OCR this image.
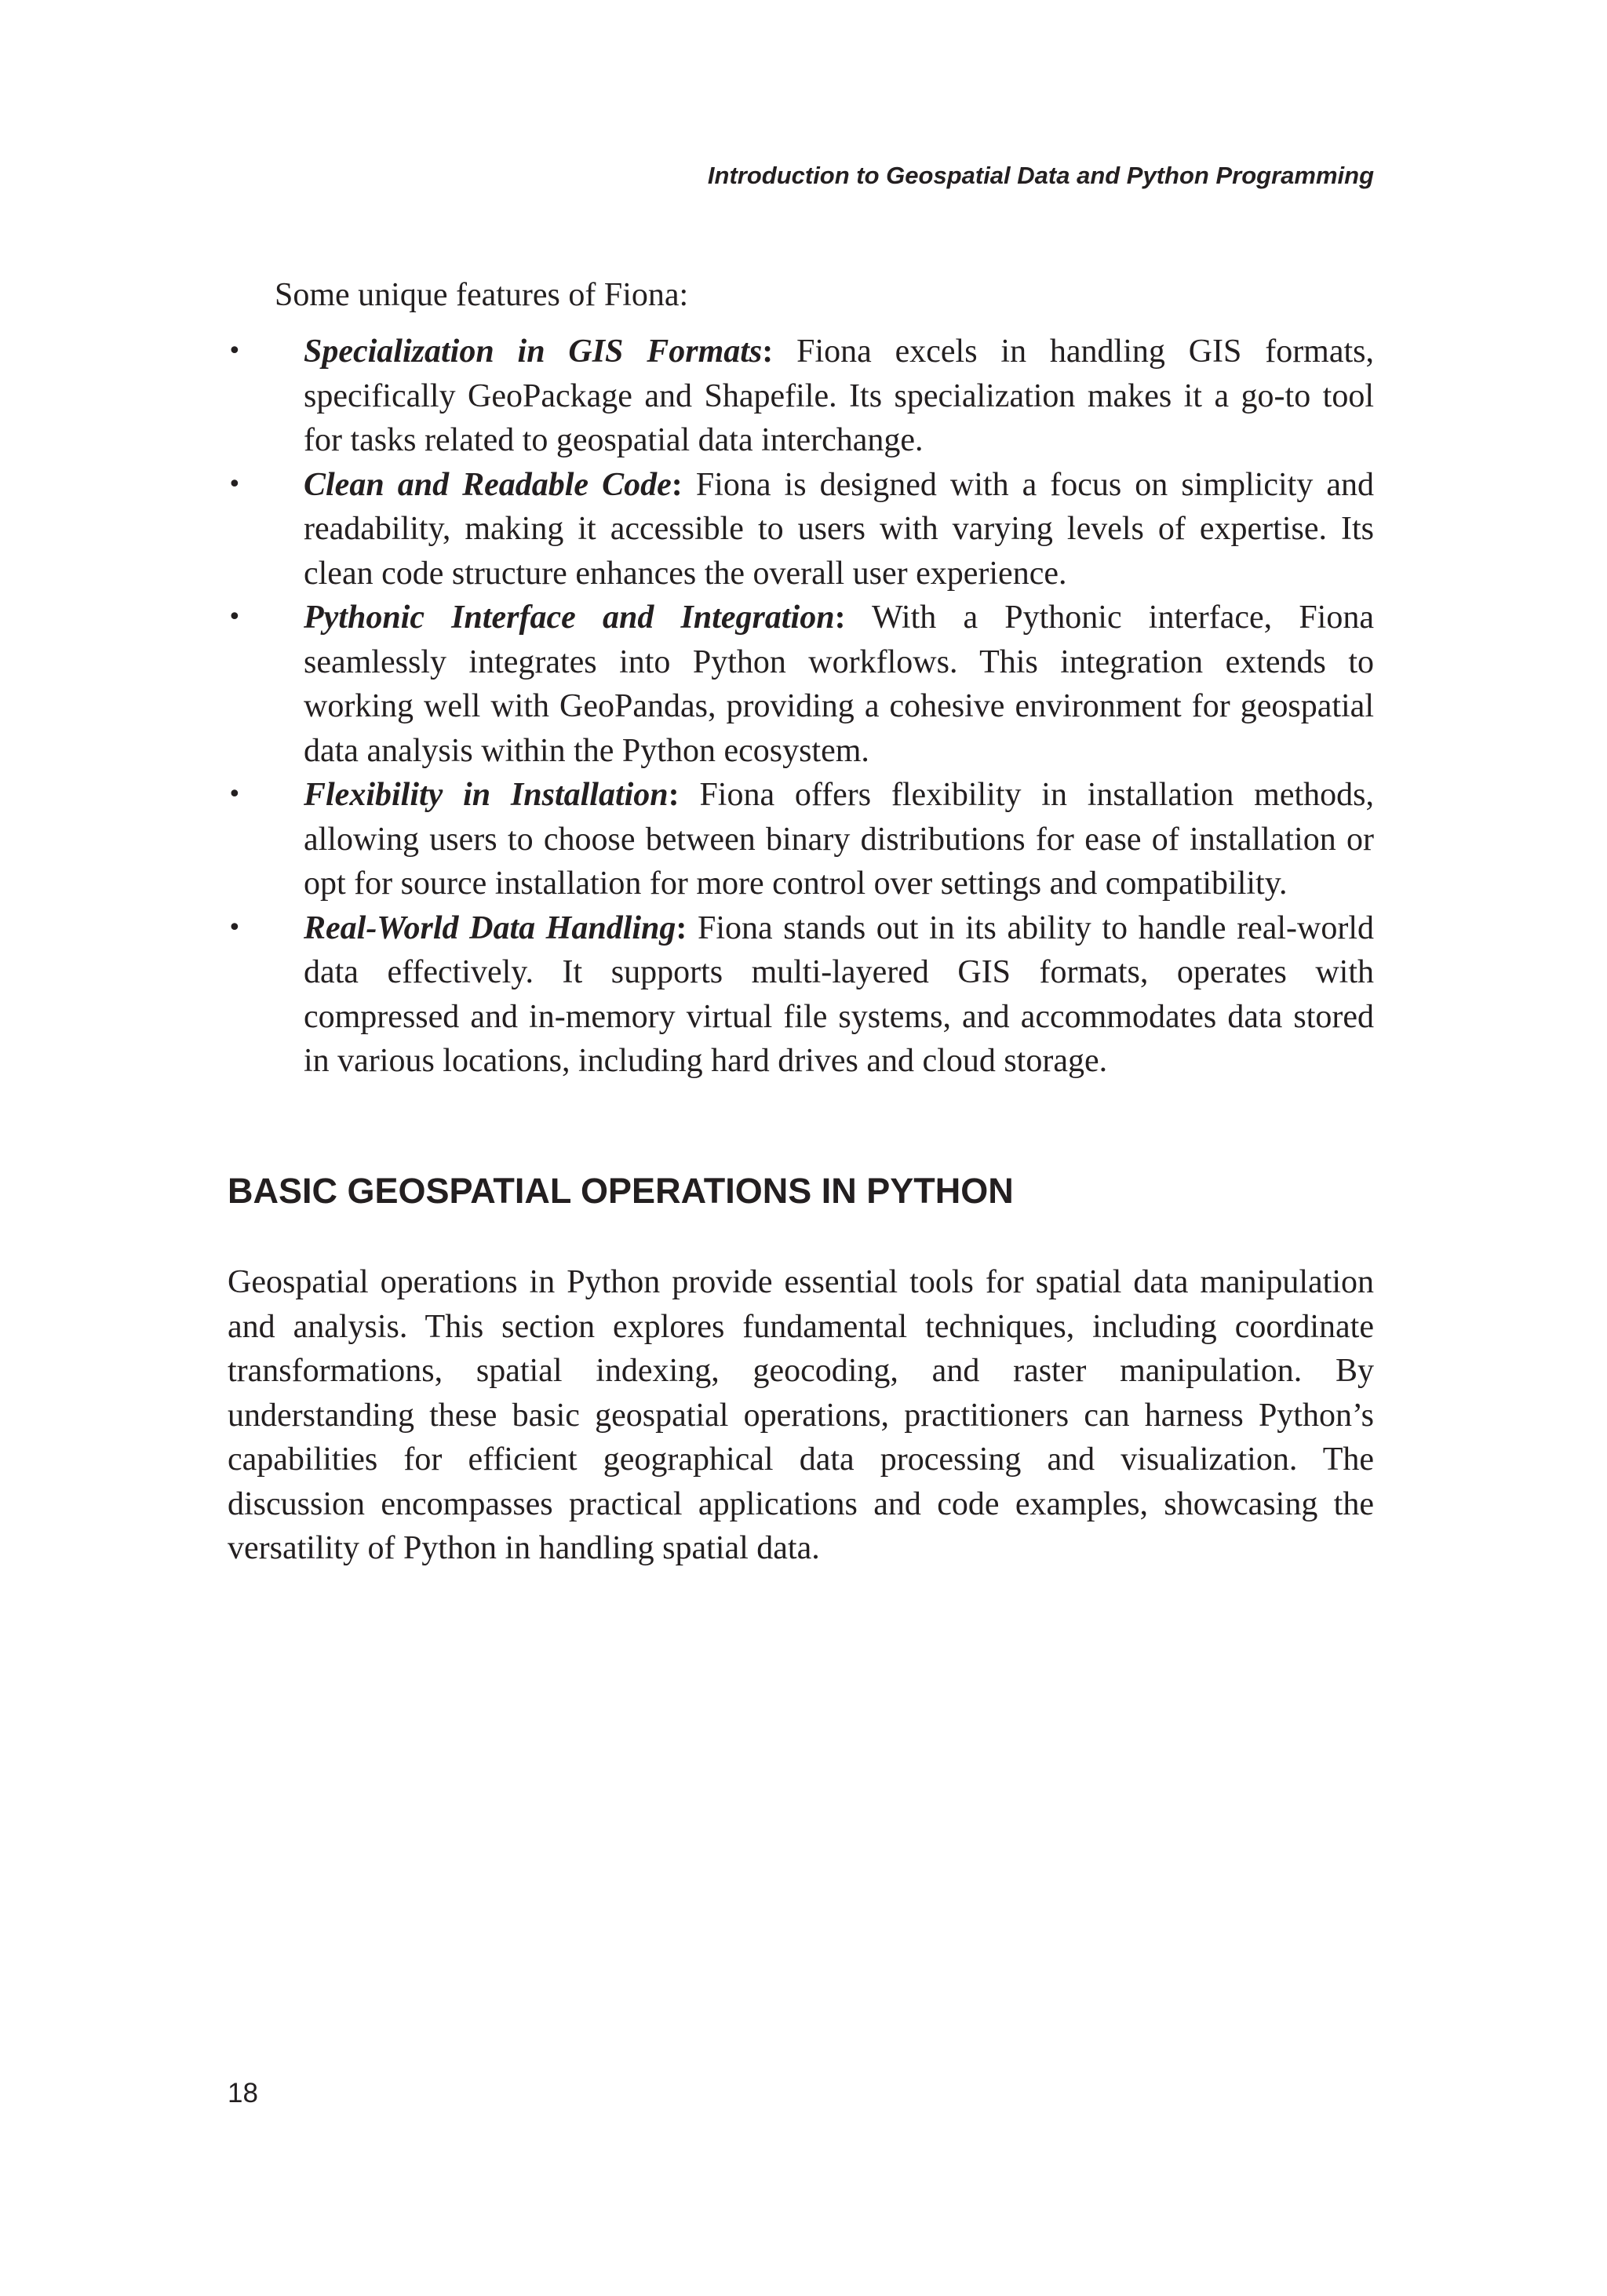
Introduction to Geospatial Data and Python Programming

Some unique features of Fiona:

• Specialization in GIS Formats: Fiona excels in handling GIS formats, specifically GeoPackage and Shapefile. Its specialization makes it a go-to tool for tasks related to geospatial data interchange.
• Clean and Readable Code: Fiona is designed with a focus on simplicity and readability, making it accessible to users with varying levels of expertise. Its clean code structure enhances the overall user experience.
• Pythonic Interface and Integration: With a Pythonic interface, Fiona seamlessly integrates into Python workflows. This integration extends to working well with GeoPandas, providing a cohesive environment for geospatial data analysis within the Python ecosystem.
• Flexibility in Installation: Fiona offers flexibility in installation methods, allowing users to choose between binary distributions for ease of installation or opt for source installation for more control over settings and compatibility.
• Real-World Data Handling: Fiona stands out in its ability to handle real-world data effectively. It supports multi-layered GIS formats, operates with compressed and in-memory virtual file systems, and accommodates data stored in various locations, including hard drives and cloud storage.
BASIC GEOSPATIAL OPERATIONS IN PYTHON

Geospatial operations in Python provide essential tools for spatial data manipulation and analysis. This section explores fundamental techniques, including coordinate transformations, spatial indexing, geocoding, and raster manipulation. By understanding these basic geospatial operations, practitioners can harness Python’s capabilities for efficient geographical data processing and visualization. The discussion encompasses practical applications and code examples, showcasing the versatility of Python in handling spatial data.

18
